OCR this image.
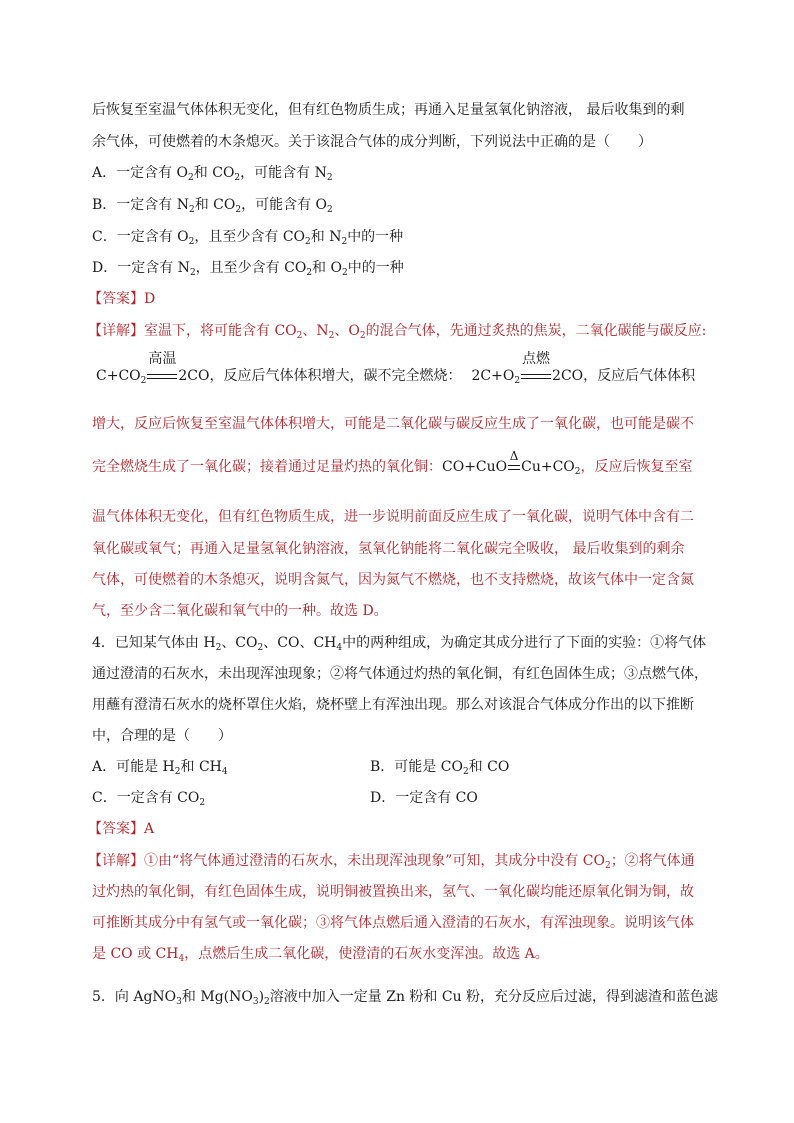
后恢复至室温气体体积无变化，但有红色物质生成；再通入足量氢氧化钠溶液， 最后收集到的剩
余气体，可使燃着的木条熄灭。关于该混合气体的成分判断，下列说法中正确的是（　　）
A．一定含有 $O_2$和 $CO_2$，可能含有 $N_2$
B．一定含有 $N_2$和 $CO_2$，可能含有 $O_2$
C．一定含有 $O_2$，且至少含有 $CO_2$和 $N_2$中的一种
D．一定含有 $N_2$，且至少含有 $CO_2$和 $O_2$中的一种
【答案】D
【详解】室温下，将可能含有 $CO_2$、$N_2$、$O_2$的混合气体，先通过炙热的焦炭，二氧化碳能与碳反应:
$C+CO_2$
高温
2CO，反应后气体体积增大，碳不完全燃烧： $2C+O_2$
点燃
2CO，反应后气体体积
增大，反应后恢复至室温气体体积增大，可能是二氧化碳与碳反应生成了一氧化碳，也可能是碳不
完全燃烧生成了一氧化碳；接着通过足量灼热的氧化铜：CO+CuO
Δ
$Cu+CO_2$，反应后恢复至室
温气体体积无变化，但有红色物质生成，进一步说明前面反应生成了一氧化碳，说明气体中含有二
氧化碳或氧气；再通入足量氢氧化钠溶液，氢氧化钠能将二氧化碳完全吸收， 最后收集到的剩余
气体，可使燃着的木条熄灭，说明含氮气，因为氮气不燃烧，也不支持燃烧，故该气体中一定含氮
气，至少含二氧化碳和氧气中的一种。故选 D。
4．已知某气体由 $H_2$、$CO_2$、CO、$CH_4$中的两种组成，为确定其成分进行了下面的实验：①将气体
通过澄清的石灰水，未出现浑浊现象；②将气体通过灼热的氧化铜，有红色固体生成；③点燃气体，
用蘸有澄清石灰水的烧杯罩住火焰，烧杯壁上有浑浊出现。那么对该混合气体成分作出的以下推断
中，合理的是（　　）
A．可能是 $H_2$和 $CH_4$	B．可能是 $CO_2$和 CO
C．一定含有 $CO_2$	D．一定含有 CO
【答案】A
【详解】①由“将气体通过澄清的石灰水，未出现浑浊现象”可知，其成分中没有 $CO_2$；②将气体通
过灼热的氧化铜，有红色固体生成，说明铜被置换出来，氢气、一氧化碳均能还原氧化铜为铜，故
可推断其成分中有氢气或一氧化碳；③将气体点燃后通入澄清的石灰水，有浑浊现象。说明该气体
是 CO 或 $CH_4$，点燃后生成二氧化碳，使澄清的石灰水变浑浊。故选 A。
5．向 AgNO$_3$和 $Mg(NO_3)_2$溶液中加入一定量 Zn 粉和 Cu 粉，充分反应后过滤，得到滤渣和蓝色滤
